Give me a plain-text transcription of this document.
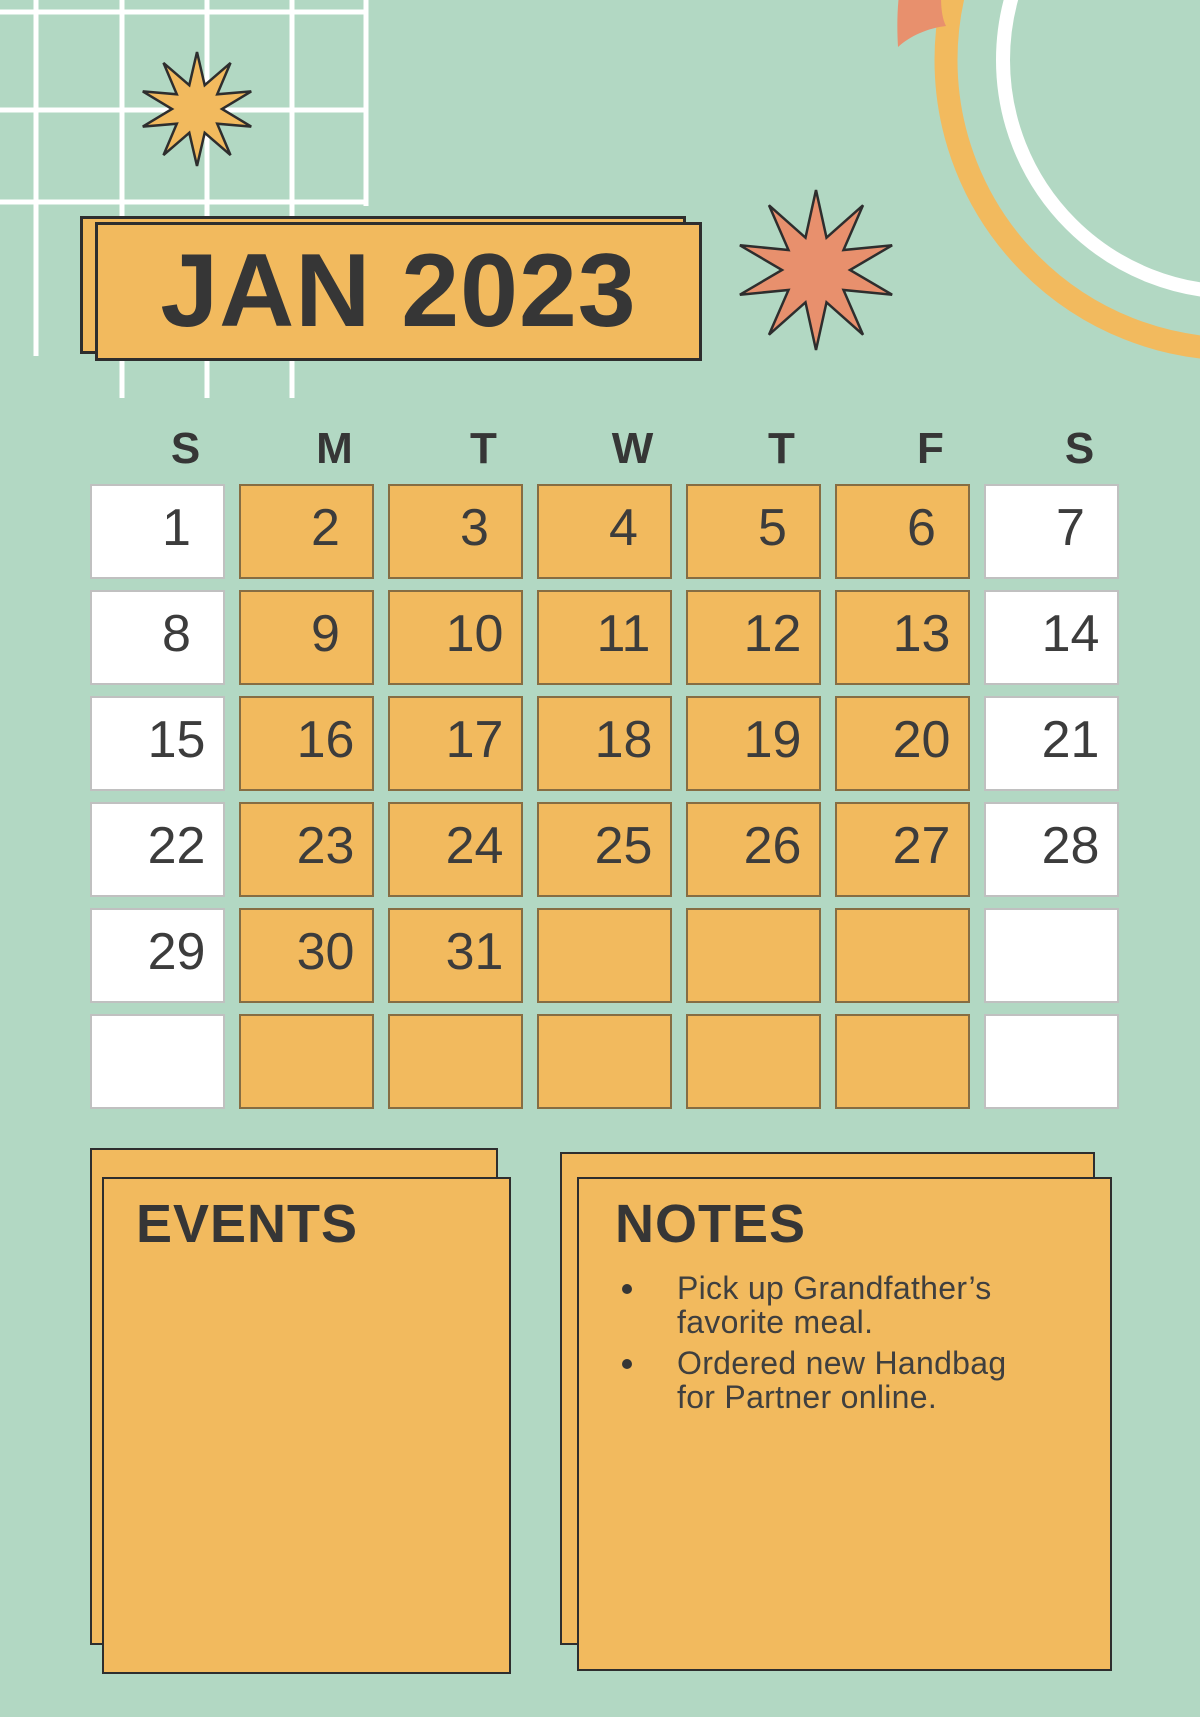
JAN 2023
S	M	T	W	T	F	S
1 2 3 4 5 6 7
8 9 10 11 12 13 14
15 16 17 18 19 20 21
22 23 24 25 26 27 28
29 30 31
EVENTS	NOTES
Pick up Grandfather’s
favorite meal.
Ordered new Handbag
for Partner online.
